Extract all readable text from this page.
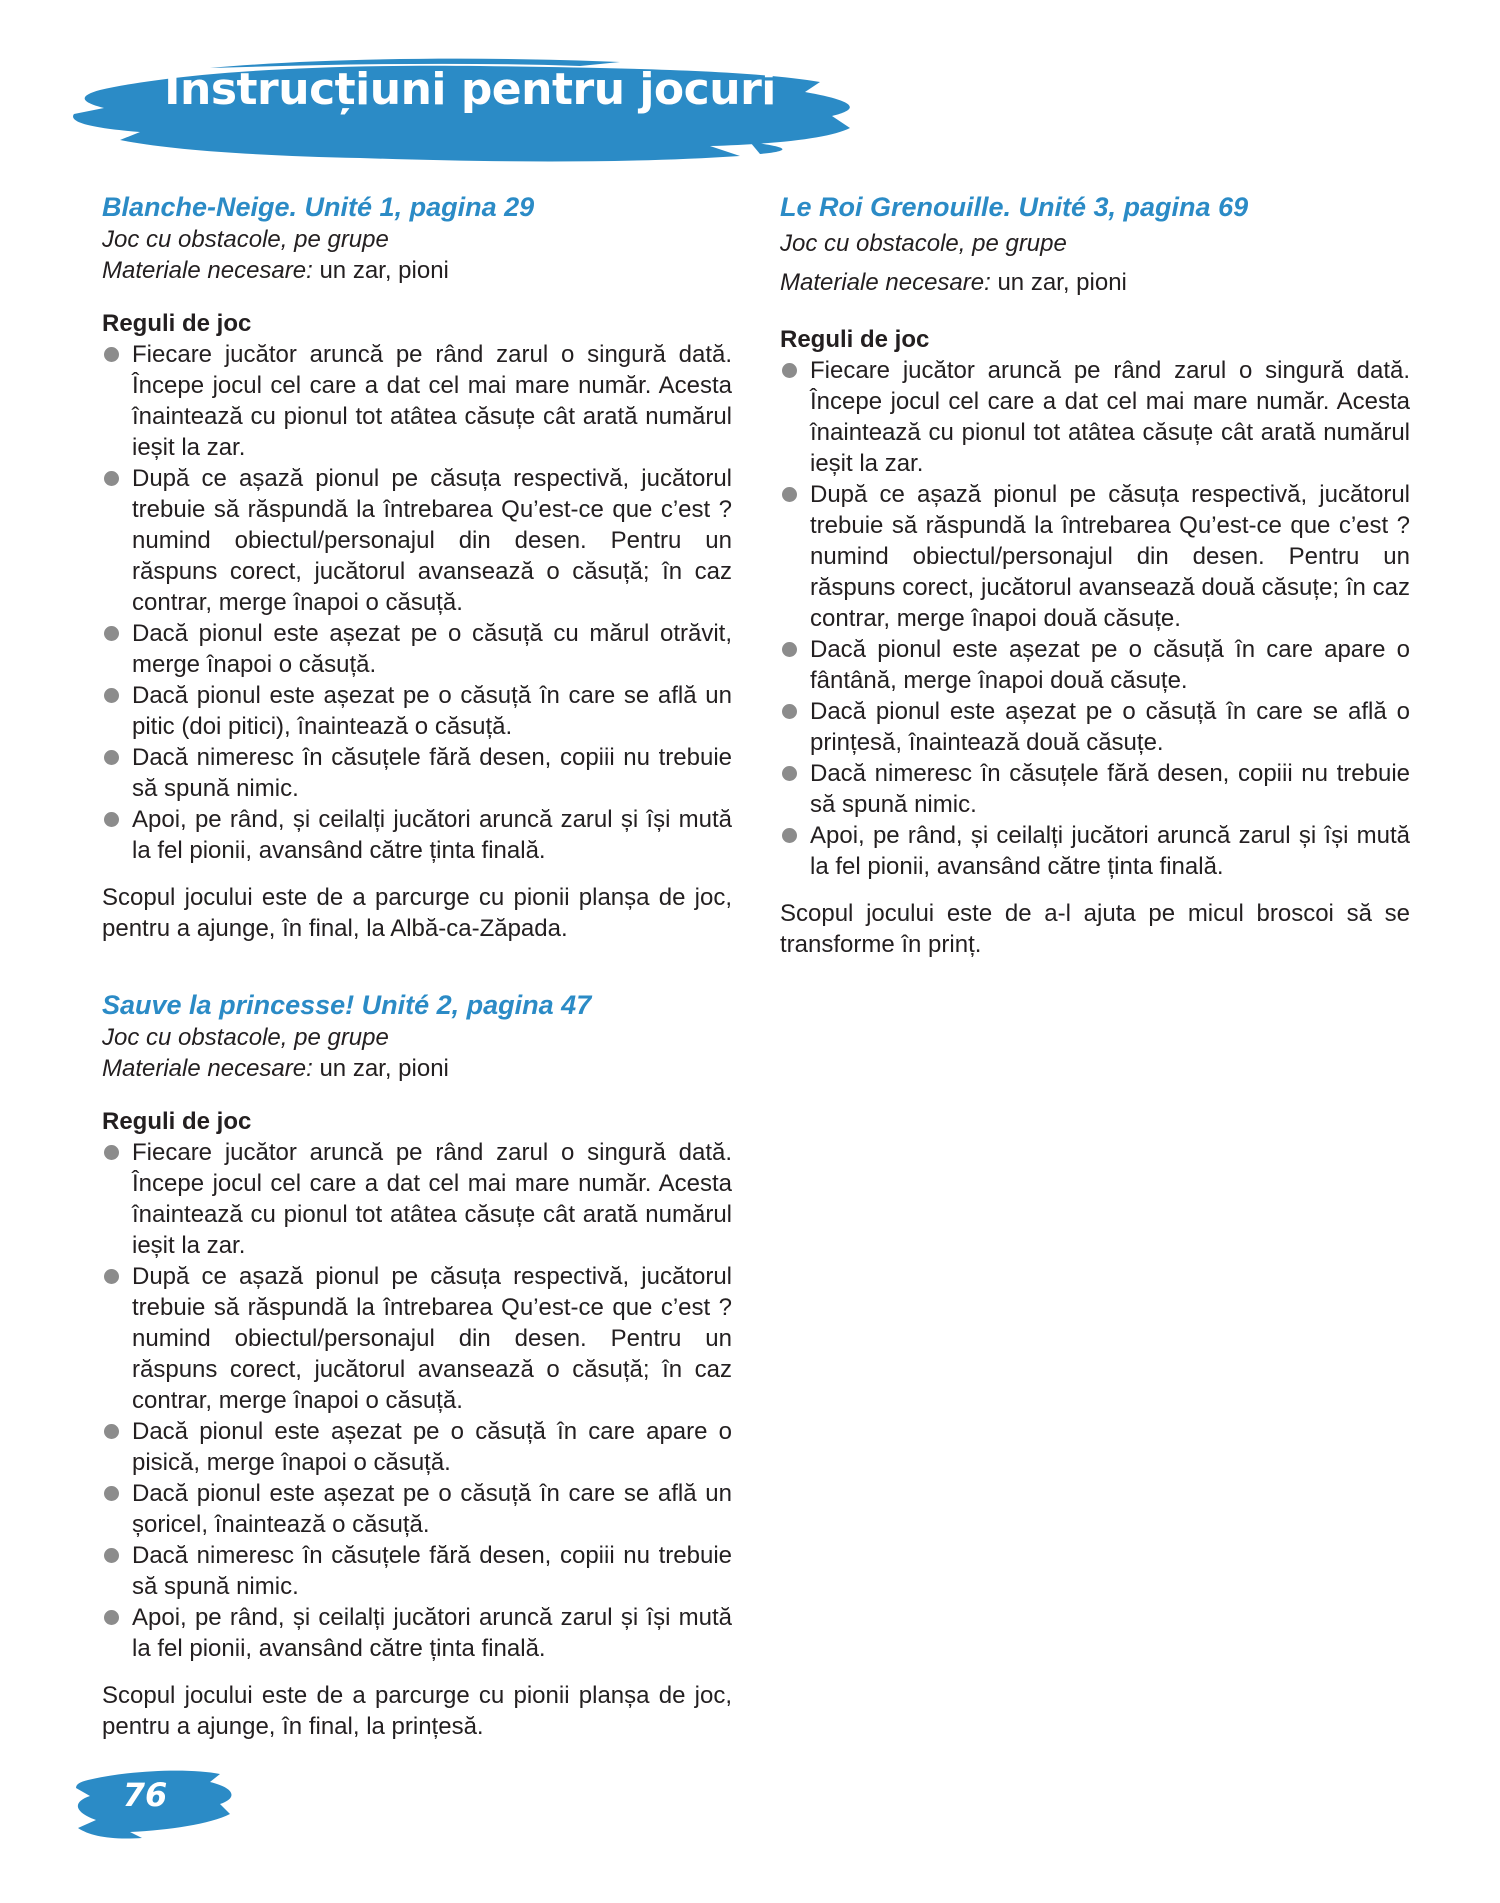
Instrucțiuni pentru jocuri

Blanche-Neige. Unité 1, pagina 29

Joc cu obstacole, pe grupe

Materiale necesare: un zar, pioni

Reguli de joc

Fiecare jucător aruncă pe rând zarul o singură dată. Începe jocul cel care a dat cel mai mare număr. Acesta înaintează cu pionul tot atâtea căsuțe cât arată numărul ieșit la zar.
După ce așază pionul pe căsuța respectivă, jucătorul trebuie să răspundă la întrebarea Qu’est-ce que c’est ? numind obiectul/personajul din desen. Pentru un răspuns corect, jucătorul avansează o căsuță; în caz contrar, merge înapoi o căsuță.
Dacă pionul este așezat pe o căsuță cu mărul otrăvit, merge înapoi o căsuță.
Dacă pionul este așezat pe o căsuță în care se află un pitic (doi pitici), înaintează o căsuță.
Dacă nimeresc în căsuțele fără desen, copiii nu trebuie să spună nimic.
Apoi, pe rând, și ceilalți jucători aruncă zarul și își mută la fel pionii, avansând către ținta finală.

Scopul jocului este de a parcurge cu pionii planșa de joc, pentru a ajunge, în final, la Albă-ca-Zăpada.

Sauve la princesse! Unité 2, pagina 47

Joc cu obstacole, pe grupe

Materiale necesare: un zar, pioni

Reguli de joc

Fiecare jucător aruncă pe rând zarul o singură dată. Începe jocul cel care a dat cel mai mare număr. Acesta înaintează cu pionul tot atâtea căsuțe cât arată numărul ieșit la zar.
După ce așază pionul pe căsuța respectivă, jucătorul trebuie să răspundă la întrebarea Qu’est-ce que c’est ? numind obiectul/personajul din desen. Pentru un răspuns corect, jucătorul avansează o căsuță; în caz contrar, merge înapoi o căsuță.
Dacă pionul este așezat pe o căsuță în care apare o pisică, merge înapoi o căsuță.
Dacă pionul este așezat pe o căsuță în care se află un șoricel, înaintează o căsuță.
Dacă nimeresc în căsuțele fără desen, copiii nu trebuie să spună nimic.
Apoi, pe rând, și ceilalți jucători aruncă zarul și își mută la fel pionii, avansând către ținta finală.

Scopul jocului este de a parcurge cu pionii planșa de joc, pentru a ajunge, în final, la prințesă.

Le Roi Grenouille. Unité 3, pagina 69

Joc cu obstacole, pe grupe

Materiale necesare: un zar, pioni

Reguli de joc

Fiecare jucător aruncă pe rând zarul o singură dată. Începe jocul cel care a dat cel mai mare număr. Acesta înaintează cu pionul tot atâtea căsuțe cât arată numărul ieșit la zar.
După ce așază pionul pe căsuța respectivă, jucătorul trebuie să răspundă la întrebarea Qu’est-ce que c’est ? numind obiectul/personajul din desen. Pentru un răspuns corect, jucătorul avansează două căsuțe; în caz contrar, merge înapoi două căsuțe.
Dacă pionul este așezat pe o căsuță în care apare o fântână, merge înapoi două căsuțe.
Dacă pionul este așezat pe o căsuță în care se află o prințesă, înaintează două căsuțe.
Dacă nimeresc în căsuțele fără desen, copiii nu trebuie să spună nimic.
Apoi, pe rând, și ceilalți jucători aruncă zarul și își mută la fel pionii, avansând către ținta finală.

Scopul jocului este de a-l ajuta pe micul broscoi să se transforme în prinț.

76
